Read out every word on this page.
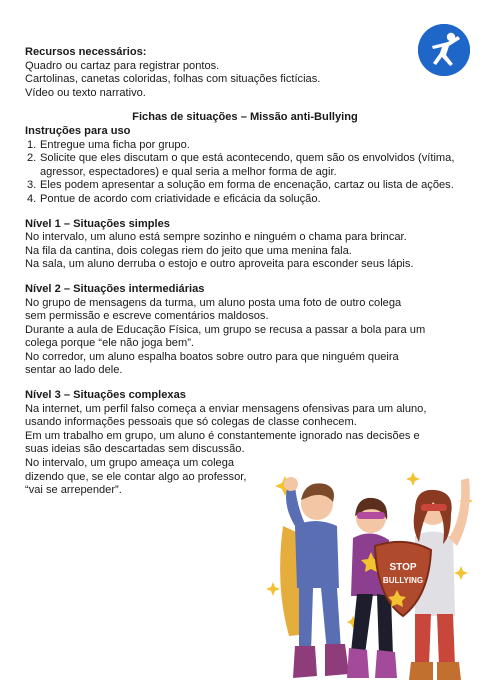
Recursos necessários:
Quadro ou cartaz para registrar pontos.
Cartolinas, canetas coloridas, folhas com situações fictícias.
Vídeo ou texto narrativo.
Fichas de situações – Missão anti-Bullying
Instruções para uso
1. Entregue uma ficha por grupo.
2. Solicite que eles discutam o que está acontecendo, quem são os envolvidos (vítima, agressor, espectadores) e qual seria a melhor forma de agir.
3. Eles podem apresentar a solução em forma de encenação, cartaz ou lista de ações.
4. Pontue de acordo com criatividade e eficácia da solução.
Nível 1 – Situações simples
No intervalo, um aluno está sempre sozinho e ninguém o chama para brincar.
Na fila da cantina, dois colegas riem do jeito que uma menina fala.
Na sala, um aluno derruba o estojo e outro aproveita para esconder seus lápis.
Nível 2 – Situações intermediárias
No grupo de mensagens da turma, um aluno posta uma foto de outro colega
sem permissão e escreve comentários maldosos.
Durante a aula de Educação Física, um grupo se recusa a passar a bola para um
colega porque “ele não joga bem”.
No corredor, um aluno espalha boatos sobre outro para que ninguém queira
sentar ao lado dele.
Nível 3 – Situações complexas
Na internet, um perfil falso começa a enviar mensagens ofensivas para um aluno,
usando informações pessoais que só colegas de classe conhecem.
Em um trabalho em grupo, um aluno é constantemente ignorado nas decisões e
suas ideias são descartadas sem discussão.
No intervalo, um grupo ameaça um colega
dizendo que, se ele contar algo ao professor,
“vai se arrepender”.
STOP
BULLYING
